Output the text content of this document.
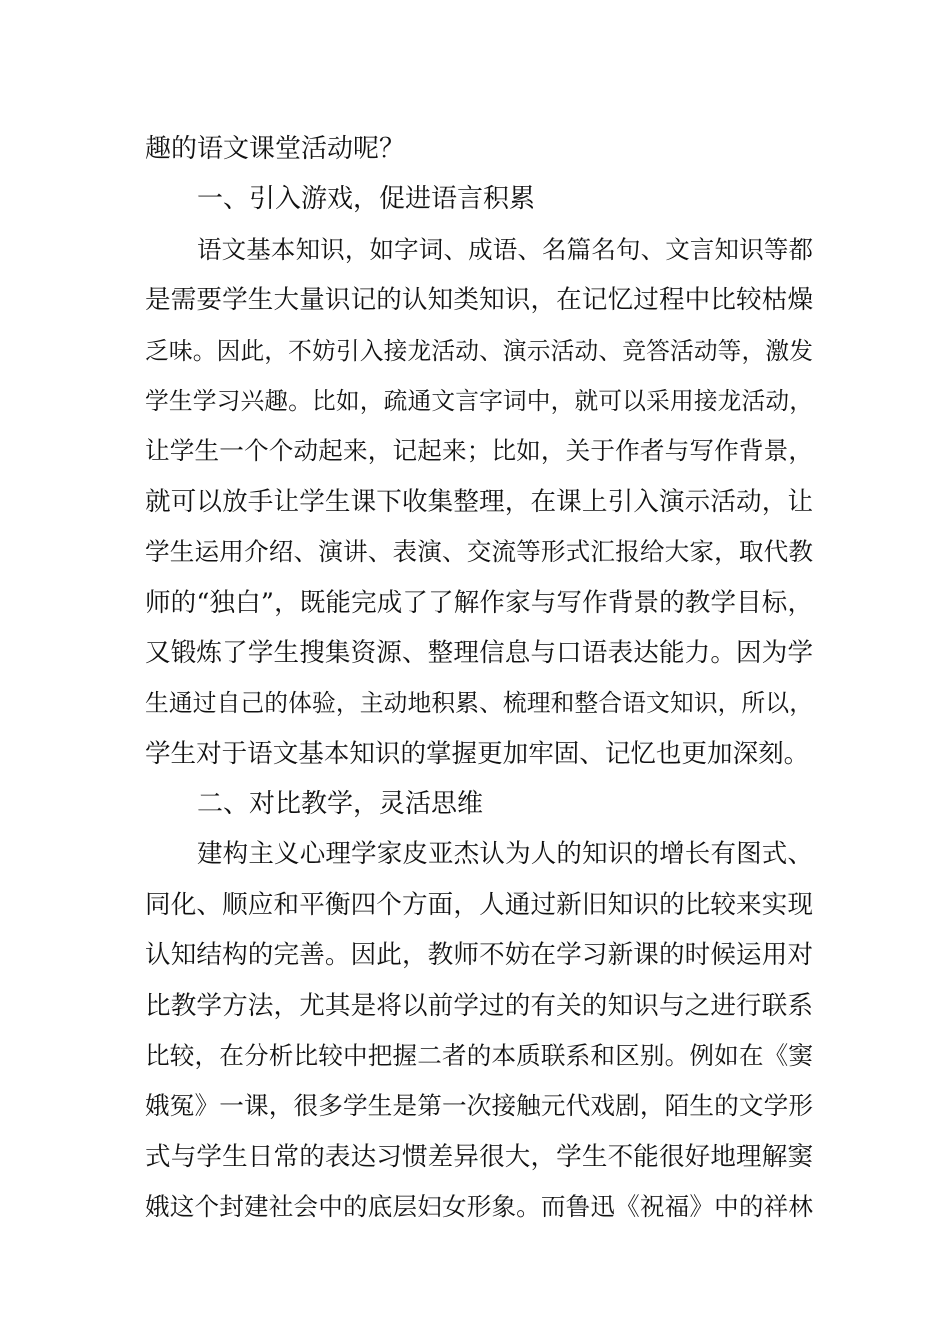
趣的语文课堂活动呢？
一、引入游戏，促进语言积累
语文基本知识，如字词、成语、名篇名句、文言知识等都
是需要学生大量识记的认知类知识，在记忆过程中比较枯燥
乏味。因此，不妨引入接龙活动、演示活动、竞答活动等，激发
学生学习兴趣。比如，疏通文言字词中，就可以采用接龙活动，
让学生一个个动起来，记起来；比如，关于作者与写作背景，
就可以放手让学生课下收集整理，在课上引入演示活动，让
学生运用介绍、演讲、表演、交流等形式汇报给大家，取代教
师的“独白”，既能完成了了解作家与写作背景的教学目标，
又锻炼了学生搜集资源、整理信息与口语表达能力。因为学
生通过自己的体验，主动地积累、梳理和整合语文知识，所以，
学生对于语文基本知识的掌握更加牢固、记忆也更加深刻。
二、对比教学，灵活思维
建构主义心理学家皮亚杰认为人的知识的增长有图式、
同化、顺应和平衡四个方面，人通过新旧知识的比较来实现
认知结构的完善。因此，教师不妨在学习新课的时候运用对
比教学方法，尤其是将以前学过的有关的知识与之进行联系
比较，在分析比较中把握二者的本质联系和区别。例如在《窦
娥冤》一课，很多学生是第一次接触元代戏剧，陌生的文学形
式与学生日常的表达习惯差异很大，学生不能很好地理解窦
娥这个封建社会中的底层妇女形象。而鲁迅《祝福》中的祥林
